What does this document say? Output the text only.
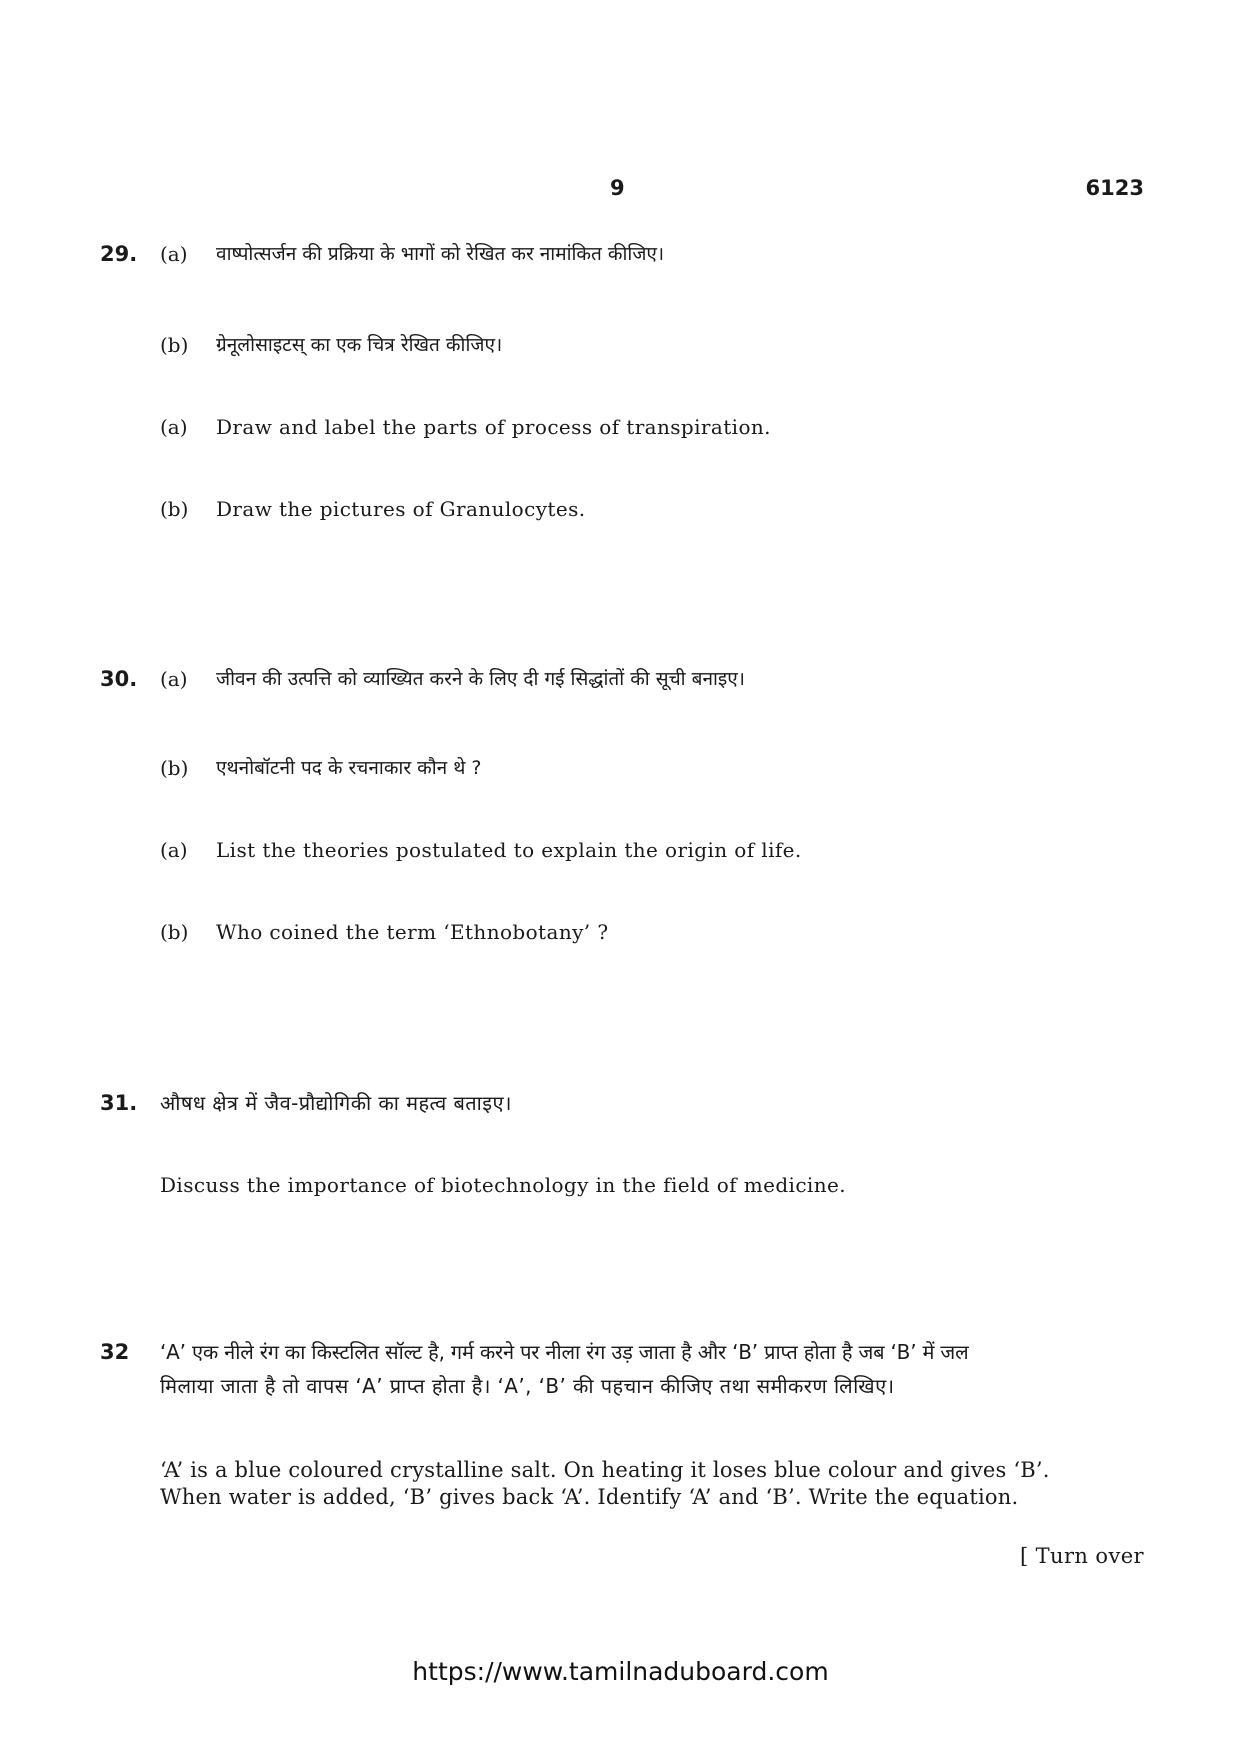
9	6123
29. (a) वाष्पोत्सर्जन की प्रक्रिया के भागों को रेखित कर नामांकित कीजिए।
(b) ग्रेनूलोसाइटस् का एक चित्र रेखित कीजिए।
(a) Draw and label the parts of process of transpiration.
(b) Draw the pictures of Granulocytes.
30. (a) जीवन की उत्पत्ति को व्याख्यित करने के लिए दी गई सिद्धांतों की सूची बनाइए।
(b) एथनोबॉटनी पद के रचनाकार कौन थे ?
(a) List the theories postulated to explain the origin of life.
(b) Who coined the term ‘Ethnobotany’ ?
31. औषध क्षेत्र में जैव-प्रौद्योगिकी का महत्व बताइए।
Discuss the importance of biotechnology in the field of medicine.
32 ‘A’ एक नीले रंग का किस्टलित सॉल्ट है, गर्म करने पर नीला रंग उड़ जाता है और ‘B’ प्राप्त होता है जब ‘B’ में जल
मिलाया जाता है तो वापस ‘A’ प्राप्त होता है। ‘A’, ‘B’ की पहचान कीजिए तथा समीकरण लिखिए।
‘A’ is a blue coloured crystalline salt. On heating it loses blue colour and gives ‘B’.
When water is added, ‘B’ gives back ‘A’. Identify ‘A’ and ‘B’. Write the equation.
[ Turn over
https://www.tamilnaduboard.com
